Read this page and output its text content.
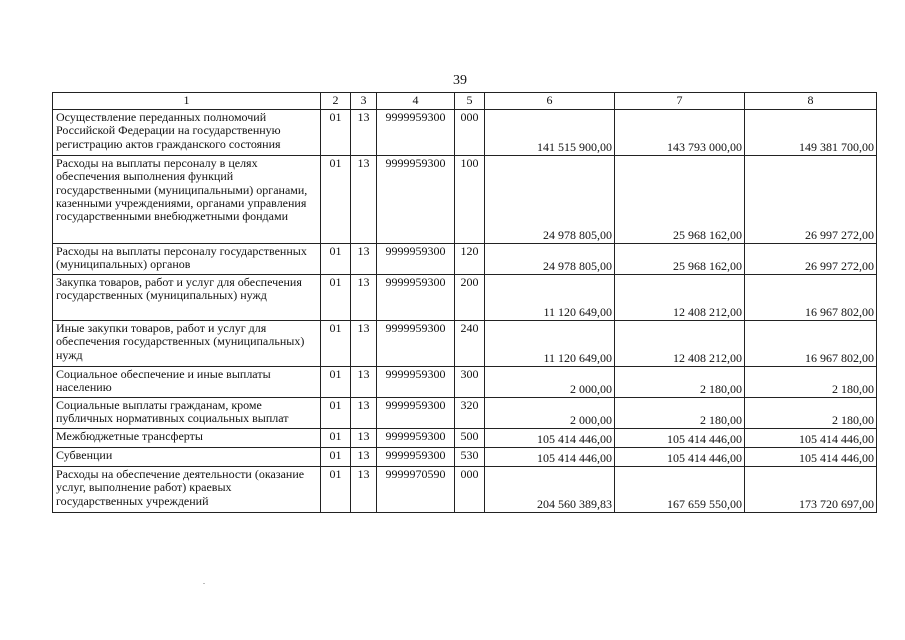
39
1	2	3	4	5	6	7	8
Осуществление переданных полномочий Российской Федерации на государственную регистрацию актов гражданского состояния	01	13	9999959300	000	141 515 900,00	143 793 000,00	149 381 700,00
Расходы на выплаты персоналу в целях обеспечения выполнения функций государственными (муниципальными) органами, казенными учреждениями, органами управления государственными внебюджетными фондами	01	13	9999959300	100	24 978 805,00	25 968 162,00	26 997 272,00
Расходы на выплаты персоналу государственных (муниципальных) органов	01	13	9999959300	120	24 978 805,00	25 968 162,00	26 997 272,00
Закупка товаров, работ и услуг для обеспечения государственных (муниципальных) нужд	01	13	9999959300	200	11 120 649,00	12 408 212,00	16 967 802,00
Иные закупки товаров, работ и услуг для обеспечения государственных (муниципальных) нужд	01	13	9999959300	240	11 120 649,00	12 408 212,00	16 967 802,00
Социальное обеспечение и иные выплаты населению	01	13	9999959300	300	2 000,00	2 180,00	2 180,00
Социальные выплаты гражданам, кроме публичных нормативных социальных выплат	01	13	9999959300	320	2 000,00	2 180,00	2 180,00
Межбюджетные трансферты	01	13	9999959300	500	105 414 446,00	105 414 446,00	105 414 446,00
Субвенции	01	13	9999959300	530	105 414 446,00	105 414 446,00	105 414 446,00
Расходы на обеспечение деятельности (оказание услуг, выполнение работ) краевых государственных учреждений	01	13	9999970590	000	204 560 389,83	167 659 550,00	173 720 697,00
